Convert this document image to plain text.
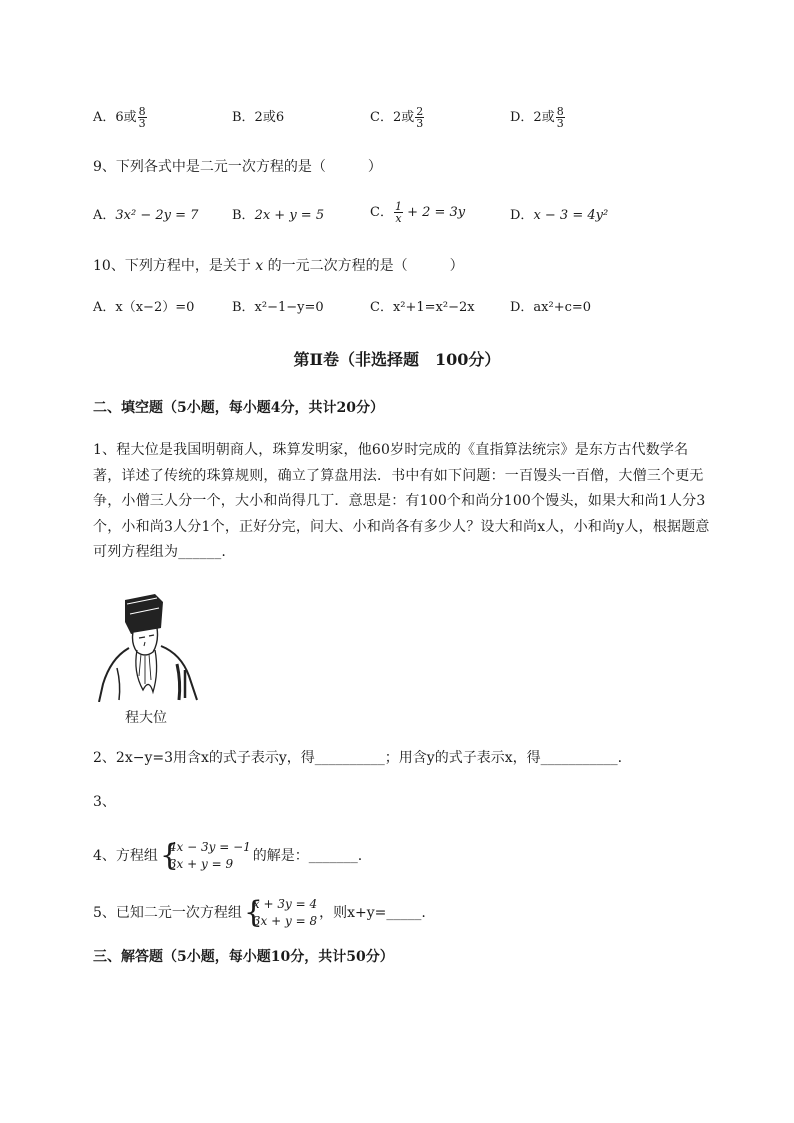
A．6或 $\frac{8}{3}$	B．2或6	C．2或 $\frac{2}{3}$	D．2或 $\frac{8}{3}$
9、下列各式中是二元一次方程的是（　　　）
A．3x² − 2y = 7	B．2x + y = 5	C． $\frac{1}{x} + 2 = 3y$	D．x − 3 = 4y²
10、下列方程中，是关于 x 的一元二次方程的是（　　　）
A．x（x−2）=0	B．x²−1−y=0	C．x²+1=x²−2x	D．ax²+c=0
第Ⅱ卷（非选择题　100分）
二、填空题（5小题，每小题4分，共计20分）
1、程大位是我国明朝商人，珠算发明家，他60岁时完成的《直指算法统宗》是东方古代数学名著，详述了传统的珠算规则，确立了算盘用法．书中有如下问题：一百馒头一百僧，大僧三个更无争，小僧三人分一个，大小和尚得几丁．意思是：有100个和尚分100个馒头，如果大和尚1人分3个，小和尚3人分1个，正好分完，问大、小和尚各有多少人？设大和尚x人，小和尚y人，根据题意可列方程组为______.
程大位
2、2x−y=3用含x的式子表示y，得__________；用含y的式子表示x，得___________.
3、
4、方程组 {
4x − 3y = −1
3x + y = 9	的解是：_______.
5、已知二元一次方程组 {
x + 3y = 4
3x + y = 8 ，则x+y=_____.
三、解答题（5小题，每小题10分，共计50分）
